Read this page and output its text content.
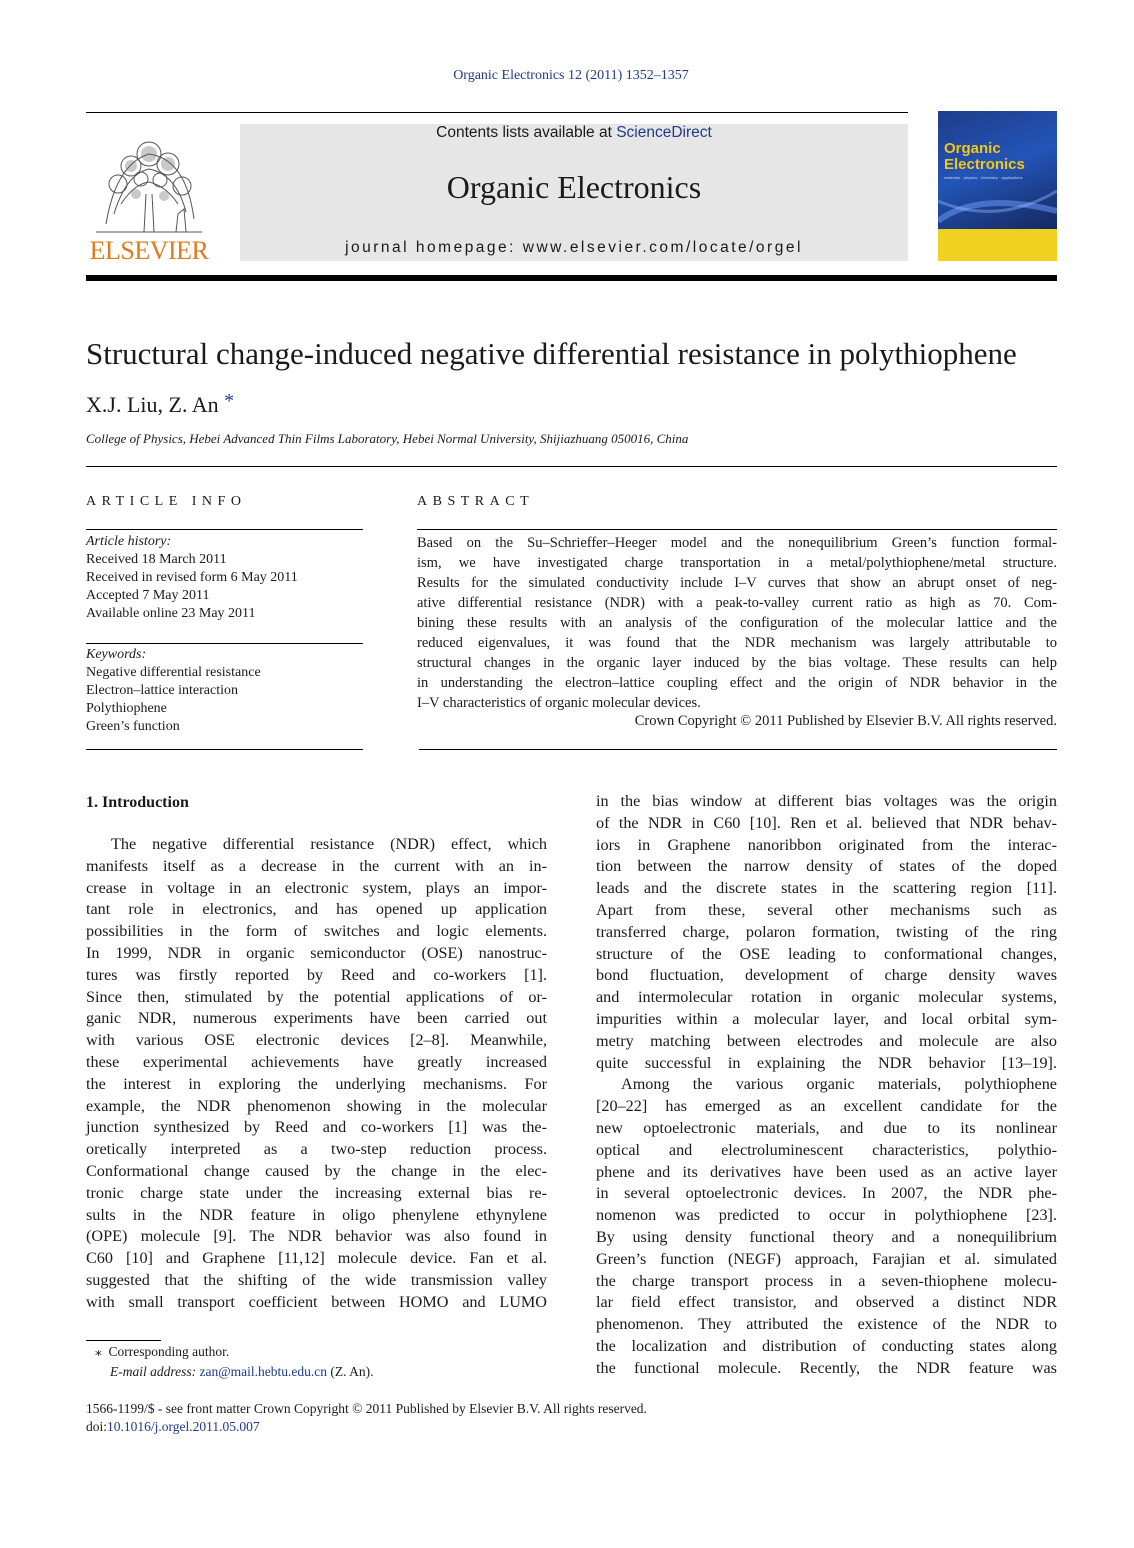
Organic Electronics 12 (2011) 1352–1357
ELSEVIER
Contents lists available at ScienceDirect
Organic Electronics
journal homepage: www.elsevier.com/locate/orgel
Organic Electronics
materials · physics · chemistry · applications
Structural change-induced negative differential resistance in polythiophene
X.J. Liu, Z. An *
College of Physics, Hebei Advanced Thin Films Laboratory, Hebei Normal University, Shijiazhuang 050016, China
ARTICLE INFO
Article history:
Received 18 March 2011
Received in revised form 6 May 2011
Accepted 7 May 2011
Available online 23 May 2011
Keywords:
Negative differential resistance
Electron–lattice interaction
Polythiophene
Green’s function
ABSTRACT
Based on the Su–Schrieffer–Heeger model and the nonequilibrium Green’s function formal-
ism, we have investigated charge transportation in a metal/polythiophene/metal structure.
Results for the simulated conductivity include I–V curves that show an abrupt onset of neg-
ative differential resistance (NDR) with a peak-to-valley current ratio as high as 70. Com-
bining these results with an analysis of the configuration of the molecular lattice and the
reduced eigenvalues, it was found that the NDR mechanism was largely attributable to
structural changes in the organic layer induced by the bias voltage. These results can help
in understanding the electron–lattice coupling effect and the origin of NDR behavior in the
I–V characteristics of organic molecular devices.
Crown Copyright © 2011 Published by Elsevier B.V. All rights reserved.
1. Introduction
The negative differential resistance (NDR) effect, which
manifests itself as a decrease in the current with an in-
crease in voltage in an electronic system, plays an impor-
tant role in electronics, and has opened up application
possibilities in the form of switches and logic elements.
In 1999, NDR in organic semiconductor (OSE) nanostruc-
tures was firstly reported by Reed and co-workers [1].
Since then, stimulated by the potential applications of or-
ganic NDR, numerous experiments have been carried out
with various OSE electronic devices [2–8]. Meanwhile,
these experimental achievements have greatly increased
the interest in exploring the underlying mechanisms. For
example, the NDR phenomenon showing in the molecular
junction synthesized by Reed and co-workers [1] was the-
oretically interpreted as a two-step reduction process.
Conformational change caused by the change in the elec-
tronic charge state under the increasing external bias re-
sults in the NDR feature in oligo phenylene ethynylene
(OPE) molecule [9]. The NDR behavior was also found in
C60 [10] and Graphene [11,12] molecule device. Fan et al.
suggested that the shifting of the wide transmission valley
with small transport coefficient between HOMO and LUMO
in the bias window at different bias voltages was the origin
of the NDR in C60 [10]. Ren et al. believed that NDR behav-
iors in Graphene nanoribbon originated from the interac-
tion between the narrow density of states of the doped
leads and the discrete states in the scattering region [11].
Apart from these, several other mechanisms such as
transferred charge, polaron formation, twisting of the ring
structure of the OSE leading to conformational changes,
bond fluctuation, development of charge density waves
and intermolecular rotation in organic molecular systems,
impurities within a molecular layer, and local orbital sym-
metry matching between electrodes and molecule are also
quite successful in explaining the NDR behavior [13–19].
Among the various organic materials, polythiophene
[20–22] has emerged as an excellent candidate for the
new optoelectronic materials, and due to its nonlinear
optical and electroluminescent characteristics, polythio-
phene and its derivatives have been used as an active layer
in several optoelectronic devices. In 2007, the NDR phe-
nomenon was predicted to occur in polythiophene [23].
By using density functional theory and a nonequilibrium
Green’s function (NEGF) approach, Farajian et al. simulated
the charge transport process in a seven-thiophene molecu-
lar field effect transistor, and observed a distinct NDR
phenomenon. They attributed the existence of the NDR to
the localization and distribution of conducting states along
the functional molecule. Recently, the NDR feature was
⁎ Corresponding author.
E-mail address: zan@mail.hebtu.edu.cn (Z. An).
1566-1199/$ - see front matter Crown Copyright © 2011 Published by Elsevier B.V. All rights reserved.
doi:10.1016/j.orgel.2011.05.007
